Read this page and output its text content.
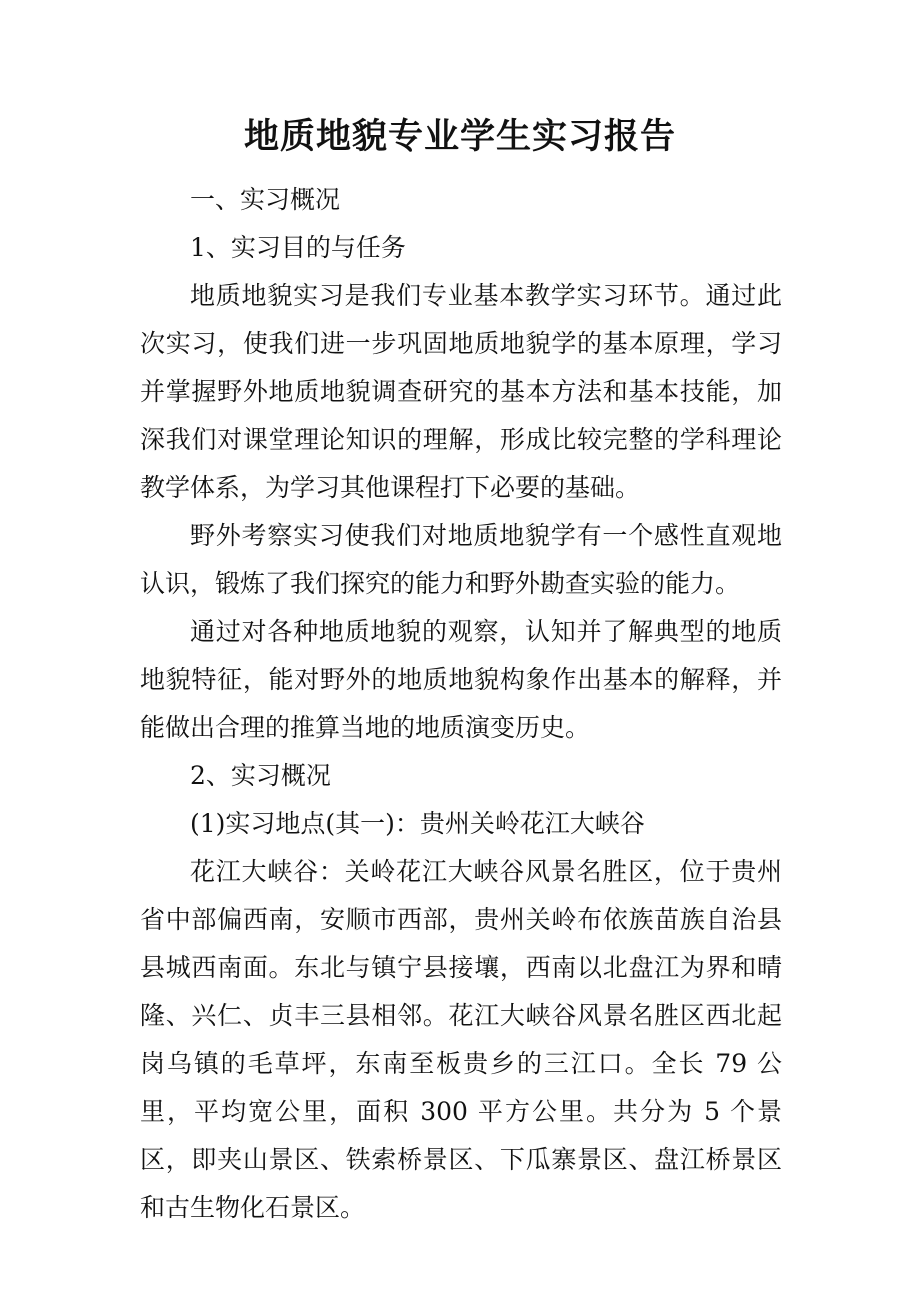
地质地貌专业学生实习报告

一、实习概况

1、实习目的与任务

地质地貌实习是我们专业基本教学实习环节。通过此次实习，使我们进一步巩固地质地貌学的基本原理，学习并掌握野外地质地貌调查研究的基本方法和基本技能，加深我们对课堂理论知识的理解，形成比较完整的学科理论教学体系，为学习其他课程打下必要的基础。

野外考察实习使我们对地质地貌学有一个感性直观地认识，锻炼了我们探究的能力和野外勘查实验的能力。

通过对各种地质地貌的观察，认知并了解典型的地质地貌特征，能对野外的地质地貌构象作出基本的解释，并能做出合理的推算当地的地质演变历史。

2、实习概况

(1)实习地点(其一)：贵州关岭花江大峡谷

花江大峡谷：关岭花江大峡谷风景名胜区，位于贵州省中部偏西南，安顺市西部，贵州关岭布依族苗族自治县县城西南面。东北与镇宁县接壤，西南以北盘江为界和晴隆、兴仁、贞丰三县相邻。花江大峡谷风景名胜区西北起岗乌镇的毛草坪，东南至板贵乡的三江口。全长 79 公里，平均宽公里，面积 300 平方公里。共分为 5 个景区，即夹山景区、铁索桥景区、下瓜寨景区、盘江桥景区和古生物化石景区。
